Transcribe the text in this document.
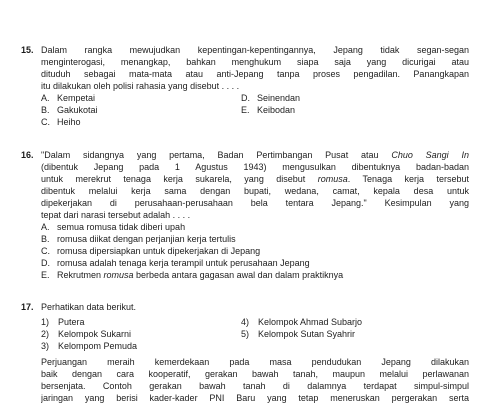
15. Dalam rangka mewujudkan kepentingan-kepentingannya, Jepang tidak segan-segan
menginterogasi, menangkap, bahkan menghukum siapa saja yang dicurigai atau
dituduh sebagai mata-mata atau anti-Jepang tanpa proses pengadilan. Panangkapan
itu dilakukan oleh polisi rahasia yang disebut . . . .
A. Kempetai	D. Seinendan
B. Gakukotai	E. Keibodan
C. Heiho
16. "Dalam sidangnya yang pertama, Badan Pertimbangan Pusat atau Chuo Sangi In
(dibentuk Jepang pada 1 Agustus 1943) mengusulkan dibentuknya badan-badan
untuk merekrut tenaga kerja sukarela, yang disebut romusa. Tenaga kerja tersebut
dibentuk melalui kerja sama dengan bupati, wedana, camat, kepala desa untuk
dipekerjakan di perusahaan-perusahaan bela tentara Jepang." Kesimpulan yang
tepat dari narasi tersebut adalah . . . .
A. semua romusa tidak diberi upah
B. romusa diikat dengan perjanjian kerja tertulis
C. romusa dipersiapkan untuk dipekerjakan di Jepang
D. romusa adalah tenaga kerja terampil untuk perusahaan Jepang
E. Rekrutmen romusa berbeda antara gagasan awal dan dalam praktiknya
17. Perhatikan data berikut.
1) Putera	4) Kelompok Ahmad Subarjo
2) Kelompok Sukarni	5) Kelompok Sutan Syahrir
3) Kelompom Pemuda
Perjuangan meraih kemerdekaan pada masa pendudukan Jepang dilakukan
baik dengan cara kooperatif, gerakan bawah tanah, maupun melalui perlawanan
bersenjata. Contoh gerakan bawah tanah di dalamnya terdapat simpul-simpul
jaringan yang berisi kader-kader PNI Baru yang tetap meneruskan pergerakan serta
